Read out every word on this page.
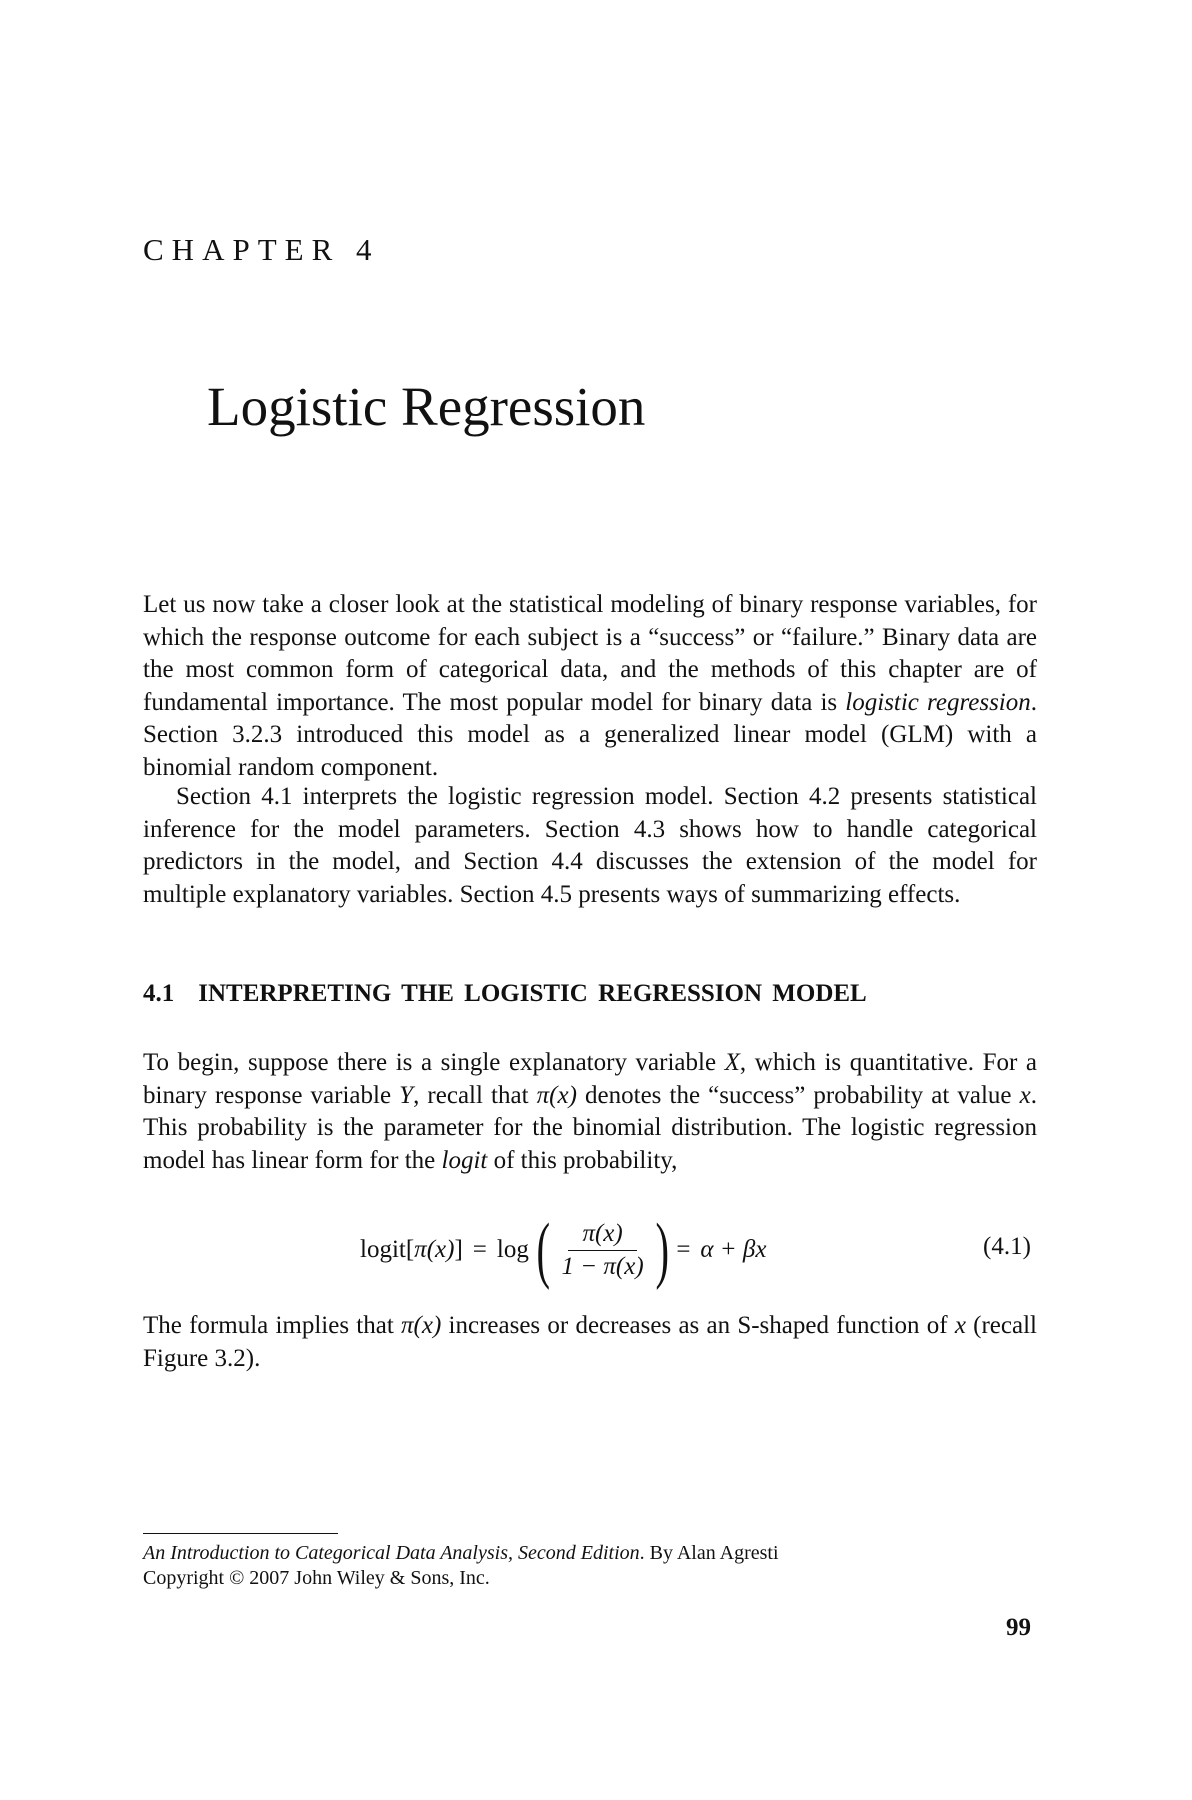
CHAPTER 4
Logistic Regression

Let us now take a closer look at the statistical modeling of binary response variables, for which the response outcome for each subject is a “success” or “failure.” Binary data are the most common form of categorical data, and the methods of this chapter are of fundamental importance. The most popular model for binary data is logistic regression. Section 3.2.3 introduced this model as a generalized linear model (GLM) with a binomial random component.

Section 4.1 interprets the logistic regression model. Section 4.2 presents statistical inference for the model parameters. Section 4.3 shows how to handle categorical predictors in the model, and Section 4.4 discusses the extension of the model for multiple explanatory variables. Section 4.5 presents ways of summarizing effects.

4.1 INTERPRETING THE LOGISTIC REGRESSION MODEL

To begin, suppose there is a single explanatory variable X, which is quantitative. For a binary response variable Y, recall that π(x) denotes the “success” probability at value x. This probability is the parameter for the binomial distribution. The logistic regression model has linear form for the logit of this probability,

logit[ π(x) ] = log ( $\frac{\pi(x)}{1 - \pi(x)}$ ) = α + βx	(4.1)

The formula implies that π(x) increases or decreases as an S-shaped function of x (recall Figure 3.2).

An Introduction to Categorical Data Analysis, Second Edition. By Alan Agresti
Copyright © 2007 John Wiley & Sons, Inc.
99
